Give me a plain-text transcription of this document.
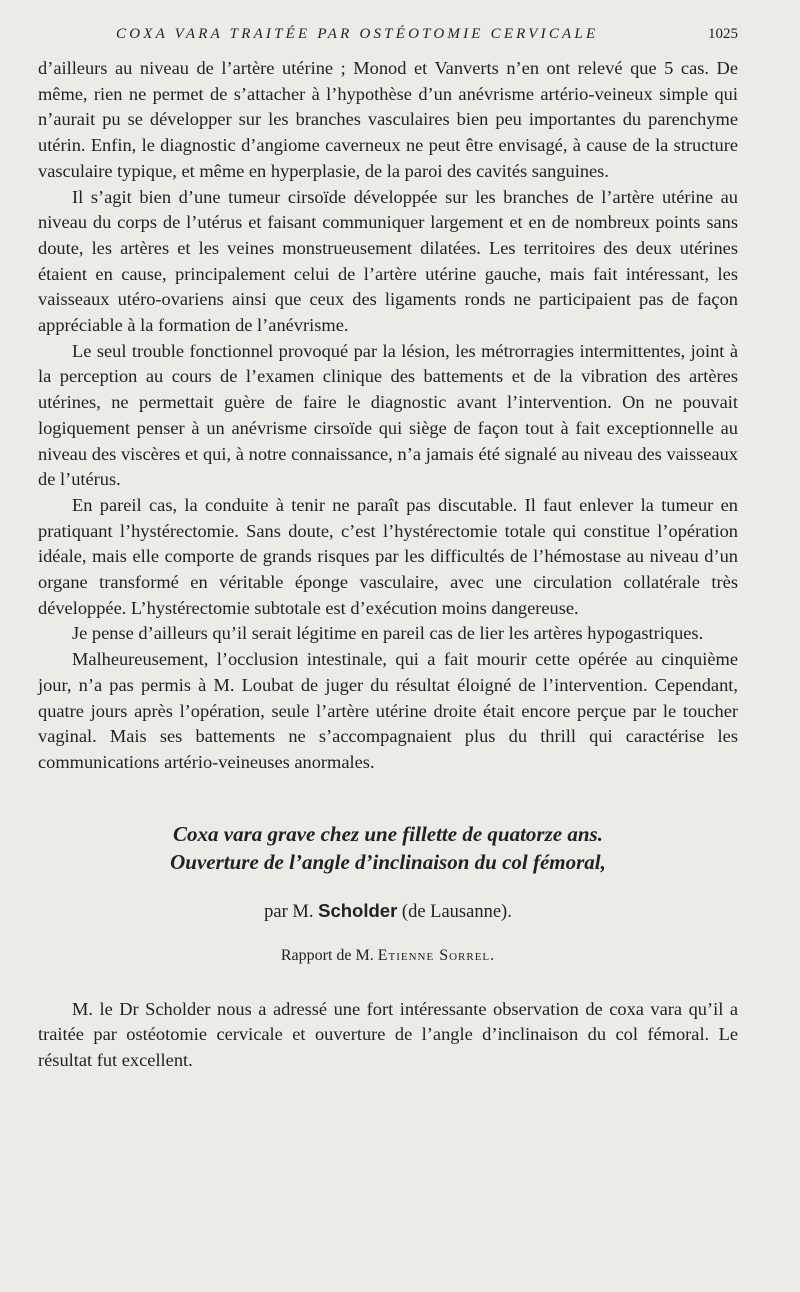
COXA VARA TRAITÉE PAR OSTÉOTOMIE CERVICALE	1025

d’ailleurs au niveau de l’artère utérine ; Monod et Vanverts n’en ont relevé que 5 cas. De même, rien ne permet de s’attacher à l’hypothèse d’un anévrisme artério-veineux simple qui n’aurait pu se développer sur les branches vasculaires bien peu importantes du parenchyme utérin. Enfin, le diagnostic d’angiome caverneux ne peut être envisagé, à cause de la structure vasculaire typique, et même en hyperplasie, de la paroi des cavités sanguines.

Il s’agit bien d’une tumeur cirsoïde développée sur les branches de l’artère utérine au niveau du corps de l’utérus et faisant communiquer largement et en de nombreux points sans doute, les artères et les veines monstrueusement dilatées. Les territoires des deux utérines étaient en cause, principalement celui de l’artère utérine gauche, mais fait intéressant, les vaisseaux utéro-ovariens ainsi que ceux des ligaments ronds ne participaient pas de façon appréciable à la formation de l’anévrisme.

Le seul trouble fonctionnel provoqué par la lésion, les métrorragies intermittentes, joint à la perception au cours de l’examen clinique des battements et de la vibration des artères utérines, ne permettait guère de faire le diagnostic avant l’intervention. On ne pouvait logiquement penser à un anévrisme cirsoïde qui siège de façon tout à fait exceptionnelle au niveau des viscères et qui, à notre connaissance, n’a jamais été signalé au niveau des vaisseaux de l’utérus.

En pareil cas, la conduite à tenir ne paraît pas discutable. Il faut enlever la tumeur en pratiquant l’hystérectomie. Sans doute, c’est l’hystérectomie totale qui constitue l’opération idéale, mais elle comporte de grands risques par les difficultés de l’hémostase au niveau d’un organe transformé en véritable éponge vasculaire, avec une circulation collatérale très développée. L’hystérectomie subtotale est d’exécution moins dangereuse.

Je pense d’ailleurs qu’il serait légitime en pareil cas de lier les artères hypogastriques.

Malheureusement, l’occlusion intestinale, qui a fait mourir cette opérée au cinquième jour, n’a pas permis à M. Loubat de juger du résultat éloigné de l’intervention. Cependant, quatre jours après l’opération, seule l’artère utérine droite était encore perçue par le toucher vaginal. Mais ses battements ne s’accompagnaient plus du thrill qui caractérise les communications artério-veineuses anormales.

Coxa vara grave chez une fillette de quatorze ans.
Ouverture de l’angle d’inclinaison du col fémoral,
par M. Scholder (de Lausanne).
Rapport de M. Etienne Sorrel.

M. le Dr Scholder nous a adressé une fort intéressante observation de coxa vara qu’il a traitée par ostéotomie cervicale et ouverture de l’angle d’inclinaison du col fémoral. Le résultat fut excellent.
